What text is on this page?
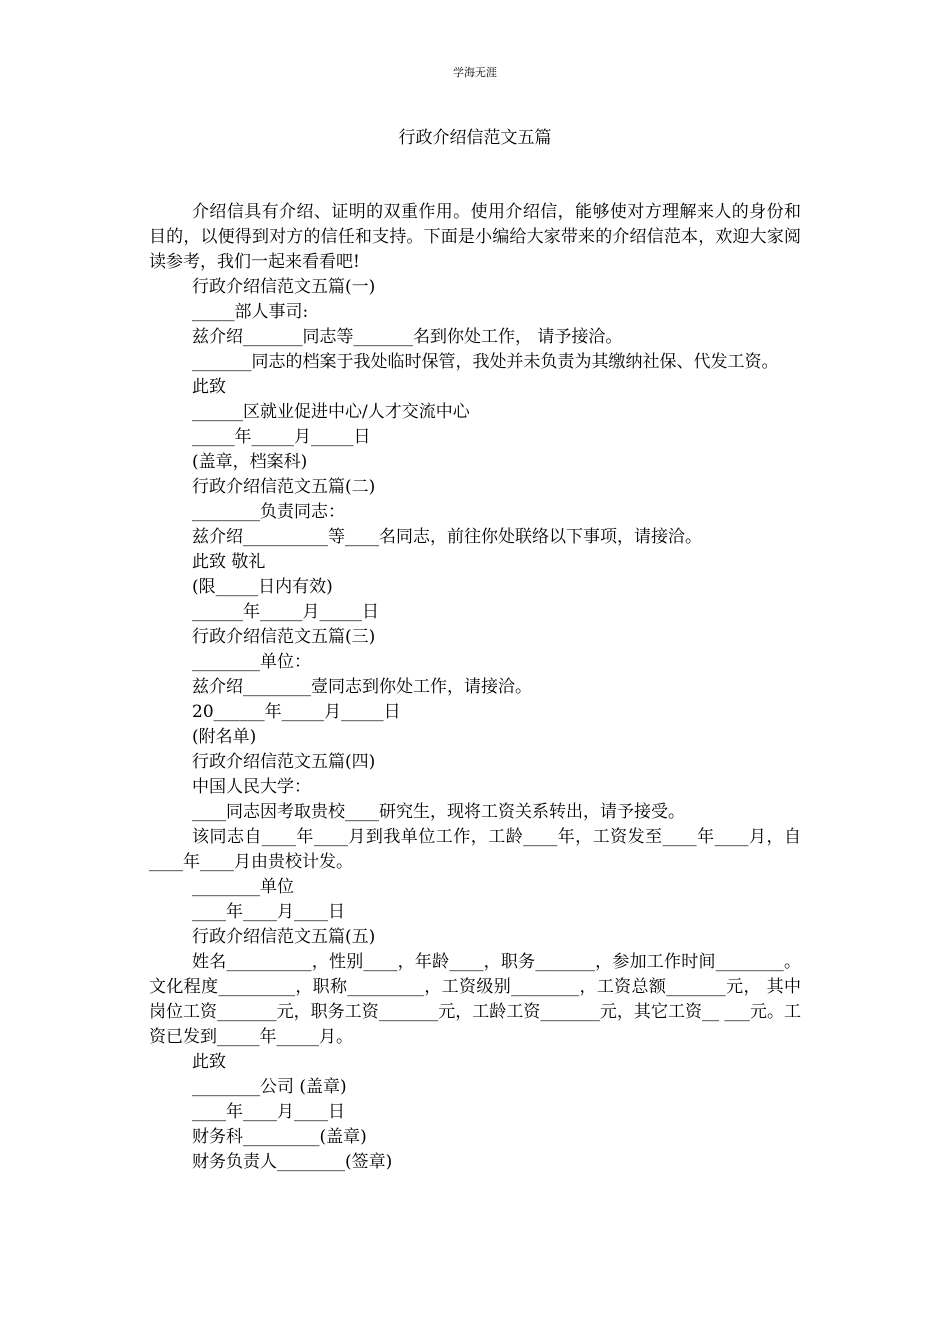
学海无涯
行政介绍信范文五篇

介绍信具有介绍、证明的双重作用。使用介绍信，能够使对方理解来人的身份和目的，以便得到对方的信任和支持。下面是小编给大家带来的介绍信范本，欢迎大家阅读参考，我们一起来看看吧!

行政介绍信范文五篇(一)

_____部人事司:

兹介绍_______同志等_______名到你处工作， 请予接洽。

_______同志的档案于我处临时保管，我处并未负责为其缴纳社保、代发工资。

此致

______区就业促进中心/人才交流中心

_____年_____月_____日

(盖章，档案科)

行政介绍信范文五篇(二)

________负责同志：

兹介绍__________等____名同志，前往你处联络以下事项，请接洽。

此致 敬礼

(限_____日内有效)

______年_____月_____日

行政介绍信范文五篇(三)

________单位：

兹介绍________壹同志到你处工作，请接洽。

20______年_____月_____日

(附名单)

行政介绍信范文五篇(四)

中国人民大学：

____同志因考取贵校____研究生，现将工资关系转出，请予接受。

该同志自____年____月到我单位工作，工龄____年，工资发至____年____月，自____年____月由贵校计发。

________单位

____年____月____日

行政介绍信范文五篇(五)

姓名__________，性别____，年龄____，职务_______，参加工作时间________。 文化程度_________，职称_________，工资级别________，工资总额_______元， 其中岗位工资_______元，职务工资_______元，工龄工资_______元，其它工资__ ___元。工资已发到_____年_____月。

此致

________公司 (盖章)

____年____月____日

财务科_________(盖章)

财务负责人________(签章)
